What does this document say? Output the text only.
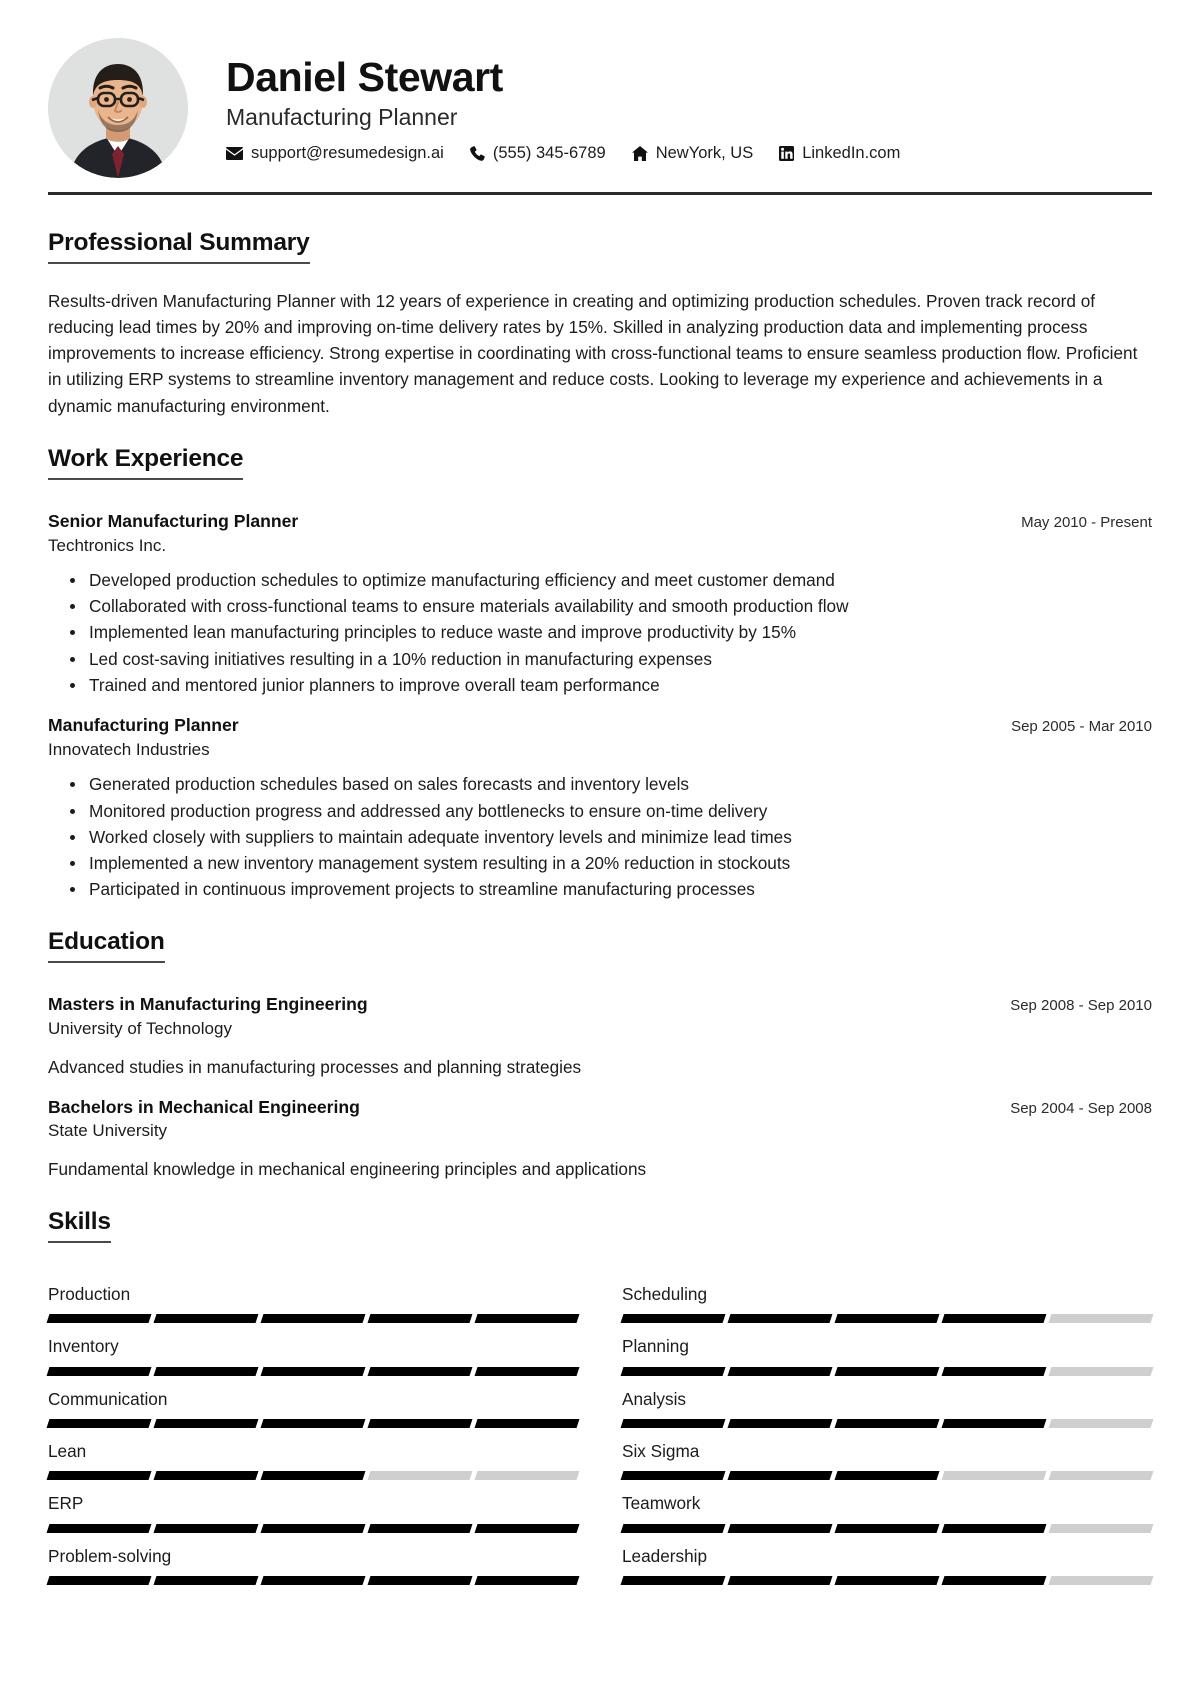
Daniel Stewart
Manufacturing Planner
support@resumedesign.ai	(555) 345-6789	NewYork, US	LinkedIn.com
Professional Summary

Results-driven Manufacturing Planner with 12 years of experience in creating and optimizing production schedules. Proven track record of reducing lead times by 20% and improving on-time delivery rates by 15%. Skilled in analyzing production data and implementing process improvements to increase efficiency. Strong expertise in coordinating with cross-functional teams to ensure seamless production flow. Proficient in utilizing ERP systems to streamline inventory management and reduce costs. Looking to leverage my experience and achievements in a dynamic manufacturing environment.

Work Experience
Senior Manufacturing Planner	May 2010 - Present
Techtronics Inc.
Developed production schedules to optimize manufacturing efficiency and meet customer demand
Collaborated with cross-functional teams to ensure materials availability and smooth production flow
Implemented lean manufacturing principles to reduce waste and improve productivity by 15%
Led cost-saving initiatives resulting in a 10% reduction in manufacturing expenses
Trained and mentored junior planners to improve overall team performance
Manufacturing Planner	Sep 2005 - Mar 2010
Innovatech Industries
Generated production schedules based on sales forecasts and inventory levels
Monitored production progress and addressed any bottlenecks to ensure on-time delivery
Worked closely with suppliers to maintain adequate inventory levels and minimize lead times
Implemented a new inventory management system resulting in a 20% reduction in stockouts
Participated in continuous improvement projects to streamline manufacturing processes
Education
Masters in Manufacturing Engineering	Sep 2008 - Sep 2010
University of Technology
Advanced studies in manufacturing processes and planning strategies
Bachelors in Mechanical Engineering	Sep 2004 - Sep 2008
State University
Fundamental knowledge in mechanical engineering principles and applications
Skills
Production	Scheduling
Inventory	Planning
Communication	Analysis
Lean	Six Sigma
ERP	Teamwork
Problem-solving	Leadership
